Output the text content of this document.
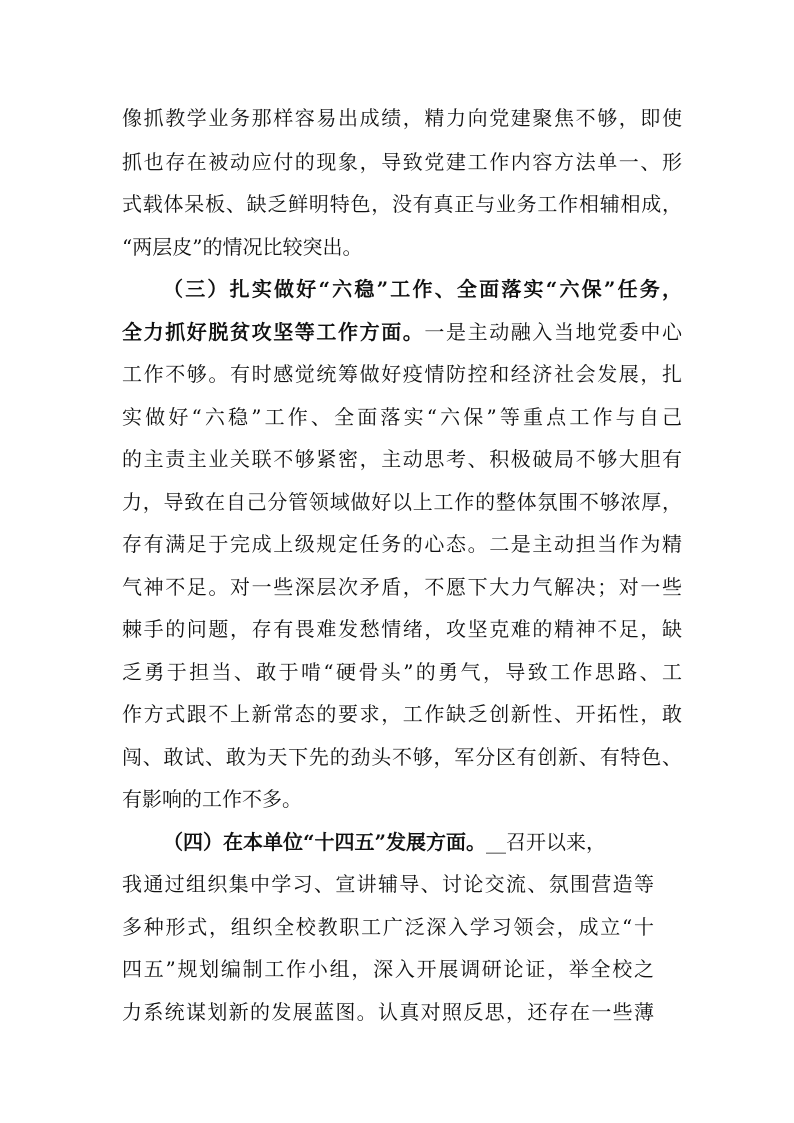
像抓教学业务那样容易出成绩，精力向党建聚焦不够，即使
抓也存在被动应付的现象，导致党建工作内容方法单一、形
式载体呆板、缺乏鲜明特色，没有真正与业务工作相辅相成，
“两层皮”的情况比较突出。
（三）扎实做好“六稳”工作、全面落实“六保”任务，
全力抓好脱贫攻坚等工作方面。一是主动融入当地党委中心
工作不够。有时感觉统筹做好疫情防控和经济社会发展，扎
实做好“六稳”工作、全面落实“六保”等重点工作与自己
的主责主业关联不够紧密，主动思考、积极破局不够大胆有
力，导致在自己分管领域做好以上工作的整体氛围不够浓厚，
存有满足于完成上级规定任务的心态。二是主动担当作为精
气神不足。对一些深层次矛盾，不愿下大力气解决；对一些
棘手的问题，存有畏难发愁情绪，攻坚克难的精神不足，缺
乏勇于担当、敢于啃“硬骨头”的勇气，导致工作思路、工
作方式跟不上新常态的要求，工作缺乏创新性、开拓性，敢
闯、敢试、敢为天下先的劲头不够，军分区有创新、有特色、
有影响的工作不多。
（四）在本单位“十四五”发展方面。__召开以来，
我通过组织集中学习、宣讲辅导、讨论交流、氛围营造等
多种形式，组织全校教职工广泛深入学习领会，成立“十
四五”规划编制工作小组，深入开展调研论证，举全校之
力系统谋划新的发展蓝图。认真对照反思，还存在一些薄
